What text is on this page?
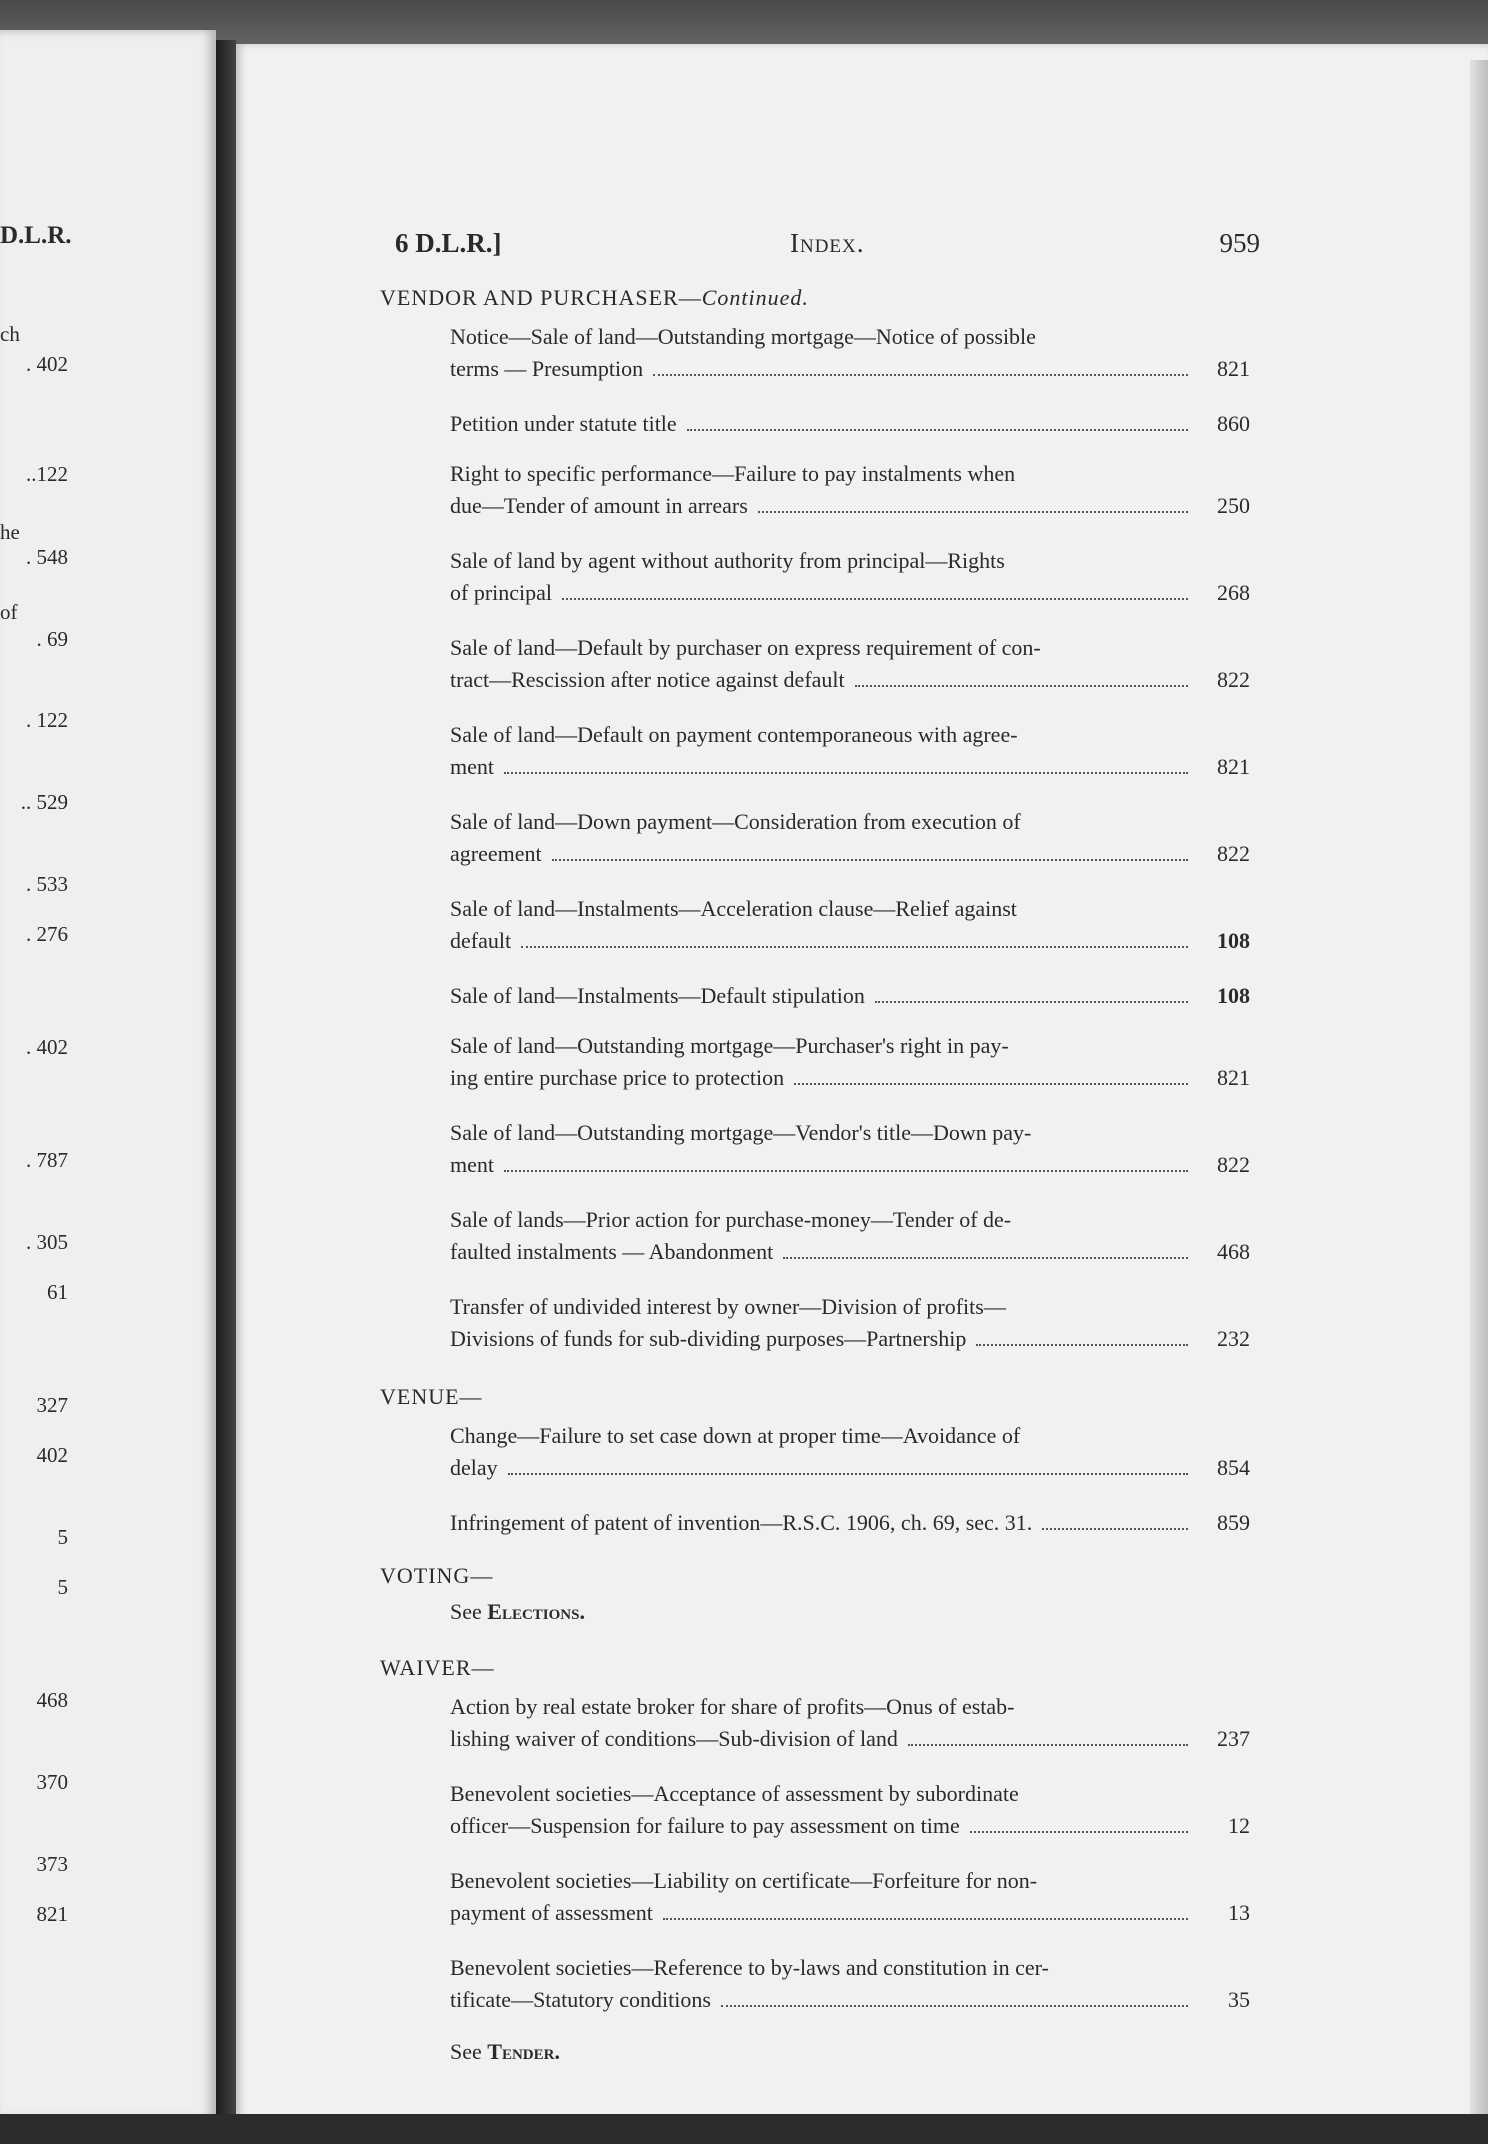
D.L.R.
ch
he
of
. 402
..122
. 548
. 69
. 122
.. 529
. 533
. 276
. 402
. 787
. 305
61
327
402
5
5
468
370
373
821
6 D.L.R.]	Index.	959
VENDOR AND PURCHASER—Continued.
Notice—Sale of land—Outstanding mortgage—Notice of possible
terms — Presumption	821
Petition under statute title	860
Right to specific performance—Failure to pay instalments when
due—Tender of amount in arrears	250
Sale of land by agent without authority from principal—Rights
of principal	268
Sale of land—Default by purchaser on express requirement of con-
tract—Rescission after notice against default	822
Sale of land—Default on payment contemporaneous with agree-
ment	821
Sale of land—Down payment—Consideration from execution of
agreement	822
Sale of land—Instalments—Acceleration clause—Relief against
default	108
Sale of land—Instalments—Default stipulation	108
Sale of land—Outstanding mortgage—Purchaser's right in pay-
ing entire purchase price to protection	821
Sale of land—Outstanding mortgage—Vendor's title—Down pay-
ment	822
Sale of lands—Prior action for purchase-money—Tender of de-
faulted instalments — Abandonment	468
Transfer of undivided interest by owner—Division of profits—
Divisions of funds for sub-dividing purposes—Partnership	232
VENUE—
Change—Failure to set case down at proper time—Avoidance of
delay	854
Infringement of patent of invention—R.S.C. 1906, ch. 69, sec. 31.	859
VOTING—
See Elections.
WAIVER—
Action by real estate broker for share of profits—Onus of estab-
lishing waiver of conditions—Sub-division of land	237
Benevolent societies—Acceptance of assessment by subordinate
officer—Suspension for failure to pay assessment on time	12
Benevolent societies—Liability on certificate—Forfeiture for non-
payment of assessment	13
Benevolent societies—Reference to by-laws and constitution in cer-
tificate—Statutory conditions	35
See Tender.
